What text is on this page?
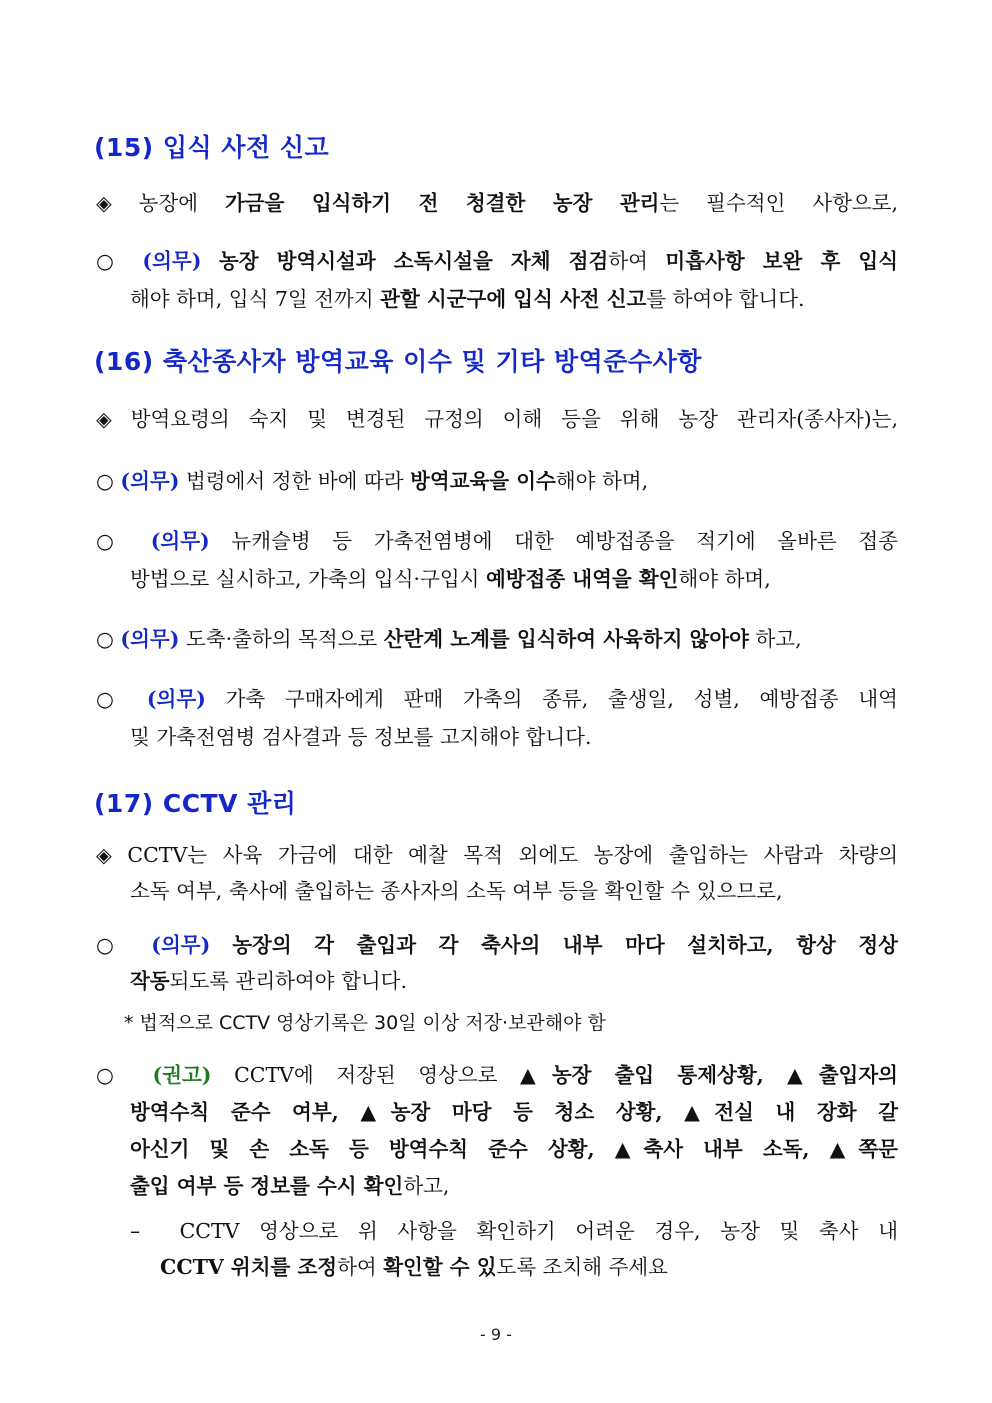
(15) 입식 사전 신고
◈ 농장에 가금을 입식하기 전 청결한 농장 관리는 필수적인 사항으로,
○ (의무) 농장 방역시설과 소독시설을 자체 점검하여 미흡사항 보완 후 입식
해야 하며, 입식 7일 전까지 관할 시군구에 입식 사전 신고를 하여야 합니다.
(16) 축산종사자 방역교육 이수 및 기타 방역준수사항
◈ 방역요령의 숙지 및 변경된 규정의 이해 등을 위해 농장 관리자(종사자)는,
○ (의무) 법령에서 정한 바에 따라 방역교육을 이수해야 하며,
○ (의무) 뉴캐슬병 등 가축전염병에 대한 예방접종을 적기에 올바른 접종
방법으로 실시하고, 가축의 입식·구입시 예방접종 내역을 확인해야 하며,
○ (의무) 도축·출하의 목적으로 산란계 노계를 입식하여 사육하지 않아야 하고,
○ (의무) 가축 구매자에게 판매 가축의 종류, 출생일, 성별, 예방접종 내역
및 가축전염병 검사결과 등 정보를 고지해야 합니다.
(17) CCTV 관리
◈ CCTV는 사육 가금에 대한 예찰 목적 외에도 농장에 출입하는 사람과 차량의
소독 여부, 축사에 출입하는 종사자의 소독 여부 등을 확인할 수 있으므로,
○ (의무) 농장의 각 출입과 각 축사의 내부 마다 설치하고, 항상 정상
작동되도록 관리하여야 합니다.
* 법적으로 CCTV 영상기록은 30일 이상 저장·보관해야 함
○ (권고) CCTV에 저장된 영상으로 ▲농장 출입 통제상황, ▲출입자의
방역수칙 준수 여부, ▲농장 마당 등 청소 상황, ▲전실 내 장화 갈
아신기 및 손 소독 등 방역수칙 준수 상황, ▲축사 내부 소독, ▲쪽문
출입 여부 등 정보를 수시 확인하고,
– CCTV 영상으로 위 사항을 확인하기 어려운 경우, 농장 및 축사 내
CCTV 위치를 조정하여 확인할 수 있도록 조치해 주세요
- 9 -
